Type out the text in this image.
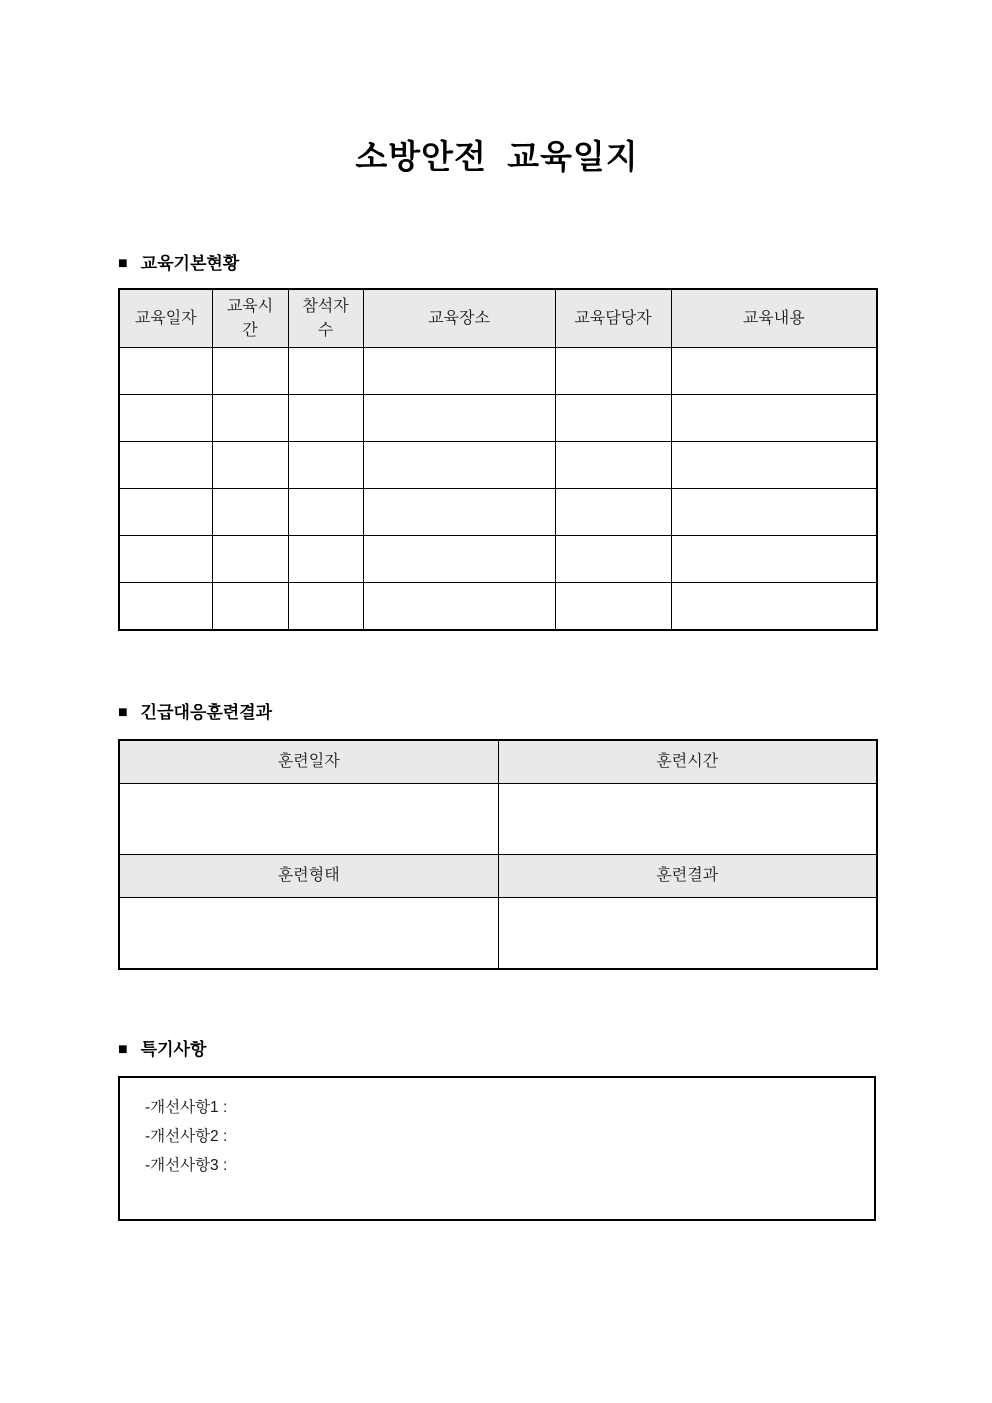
소방안전  교육일지
■ 교육기본현황
교육일자	교육시간	참석자수	교육장소	교육담당자	교육내용

■ 긴급대응훈련결과
훈련일자	훈련시간

훈련형태	훈련결과

■ 특기사항
-개선사항1 :
-개선사항2 :
-개선사항3 :
